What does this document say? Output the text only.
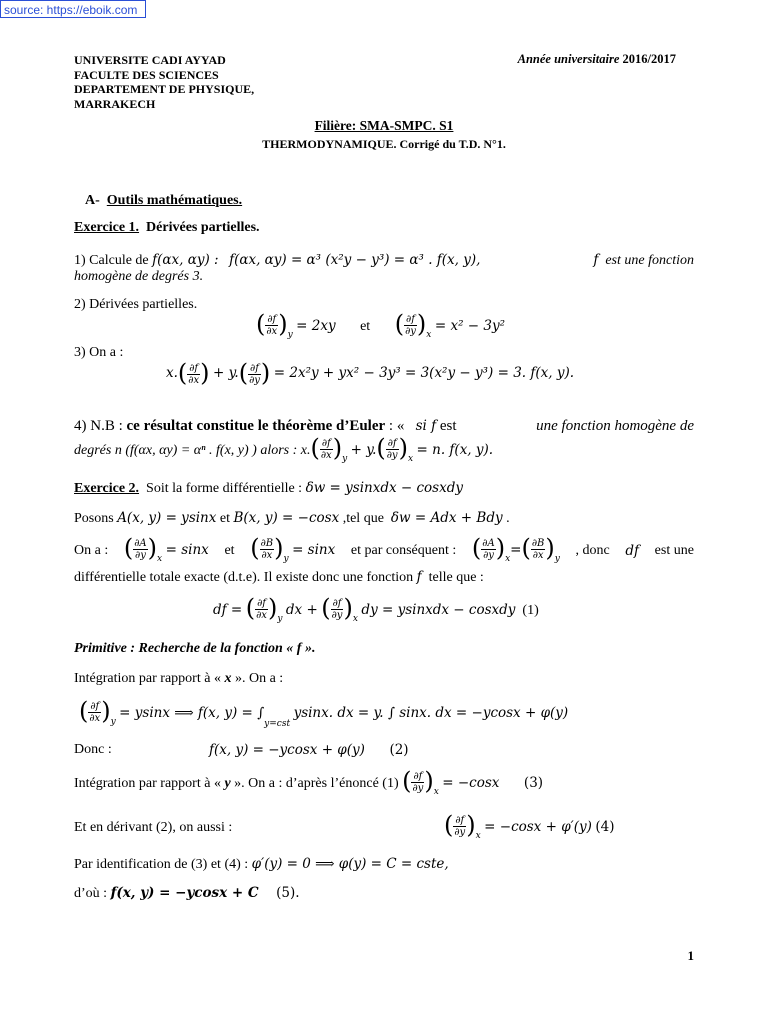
source: https://eboik.com
UNIVERSITE CADI AYYAD
FACULTE DES SCIENCES
DEPARTEMENT DE PHYSIQUE,
MARRAKECH
Année universitaire 2016/2017
Filière: SMA-SMPC. S1
THERMODYNAMIQUE. Corrigé du T.D. N°1.
A- Outils mathématiques.
Exercice 1. Dérivées partielles.
1) Calcule de f(αx, αy) : f(αx, αy) = α³ (x²y − y³) = α³ . f(x, y),	f est une fonction
homogène de degrés 3.
2) Dérivées partielles.
( $\frac{\partial f}{\partial x} )_y = 2xy$ et ( $\frac{\partial f}{\partial y} )_x = x^2 - 3y^2$
3) On a :
$x.( \frac{\partial f}{\partial x}$ ) + $y.( \frac{\partial f}{\partial y}$ ) = 2x²y + yx² − 3y³ = 3(x²y − y³) = 3. f(x, y).
4) N.B : ce résultat constitue le théorème d’Euler : « si f est	une fonction homogène de
degrés n (f(αx, αy) = αⁿ . f(x, y) ) alors : $x.( \frac{\partial f}{\partial x} )_y + y.( \frac{\partial f}{\partial y} )_x = n$. f(x, y).
Exercice 2. Soit la forme différentielle : δw = ysinxdx − cosxdy
Posons A(x, y) = ysinx et B(x, y) = −cosx ,tel que δw = Adx + Bdy .
On a : ( $\frac{\partial A}{\partial y} )_x = \sin x$ et ( $\frac{\partial B}{\partial x} )_y = \sin x$ et par conséquent : ( $\frac{\partial A}{\partial y} )_x=( \frac{\partial B}{\partial x} )_y$
, donc df est une
différentielle totale exacte (d.t.e). Il existe donc une fonction f telle que :
df = ( $\frac{\partial f}{\partial x} )_y$ dx + ( $\frac{\partial f}{\partial y} )_x$ dy = ysinxdx − cosxdy (1)
Primitive : Recherche de la fonction « f ».
Intégration par rapport à « x ». On a :
( $\frac{\partial f}{\partial x} )_y = ysinx$ ⟹ f(x, $y) = \int_{y=cst}$ ysinx. dx = y. ∫ sinx. dx = −ycosx + φ(y)
Donc :	f(x, y) = −ycosx + φ(y) (2)
Intégration par rapport à « y ». On a : d’après l’énoncé (1) ( $\frac{\partial f}{\partial y} )_x = -\cos x$ (3)
Et en dérivant (2), on aussi :	( $\frac{\partial f}{\partial y} )_x = -\cos x + \varphi'(y)$ (4)
Par identification de (3) et (4) : φ′(y) = 0 ⟹ φ(y) = C = cste,
d’où : f(x, y) = −ycosx + C (5).
1
